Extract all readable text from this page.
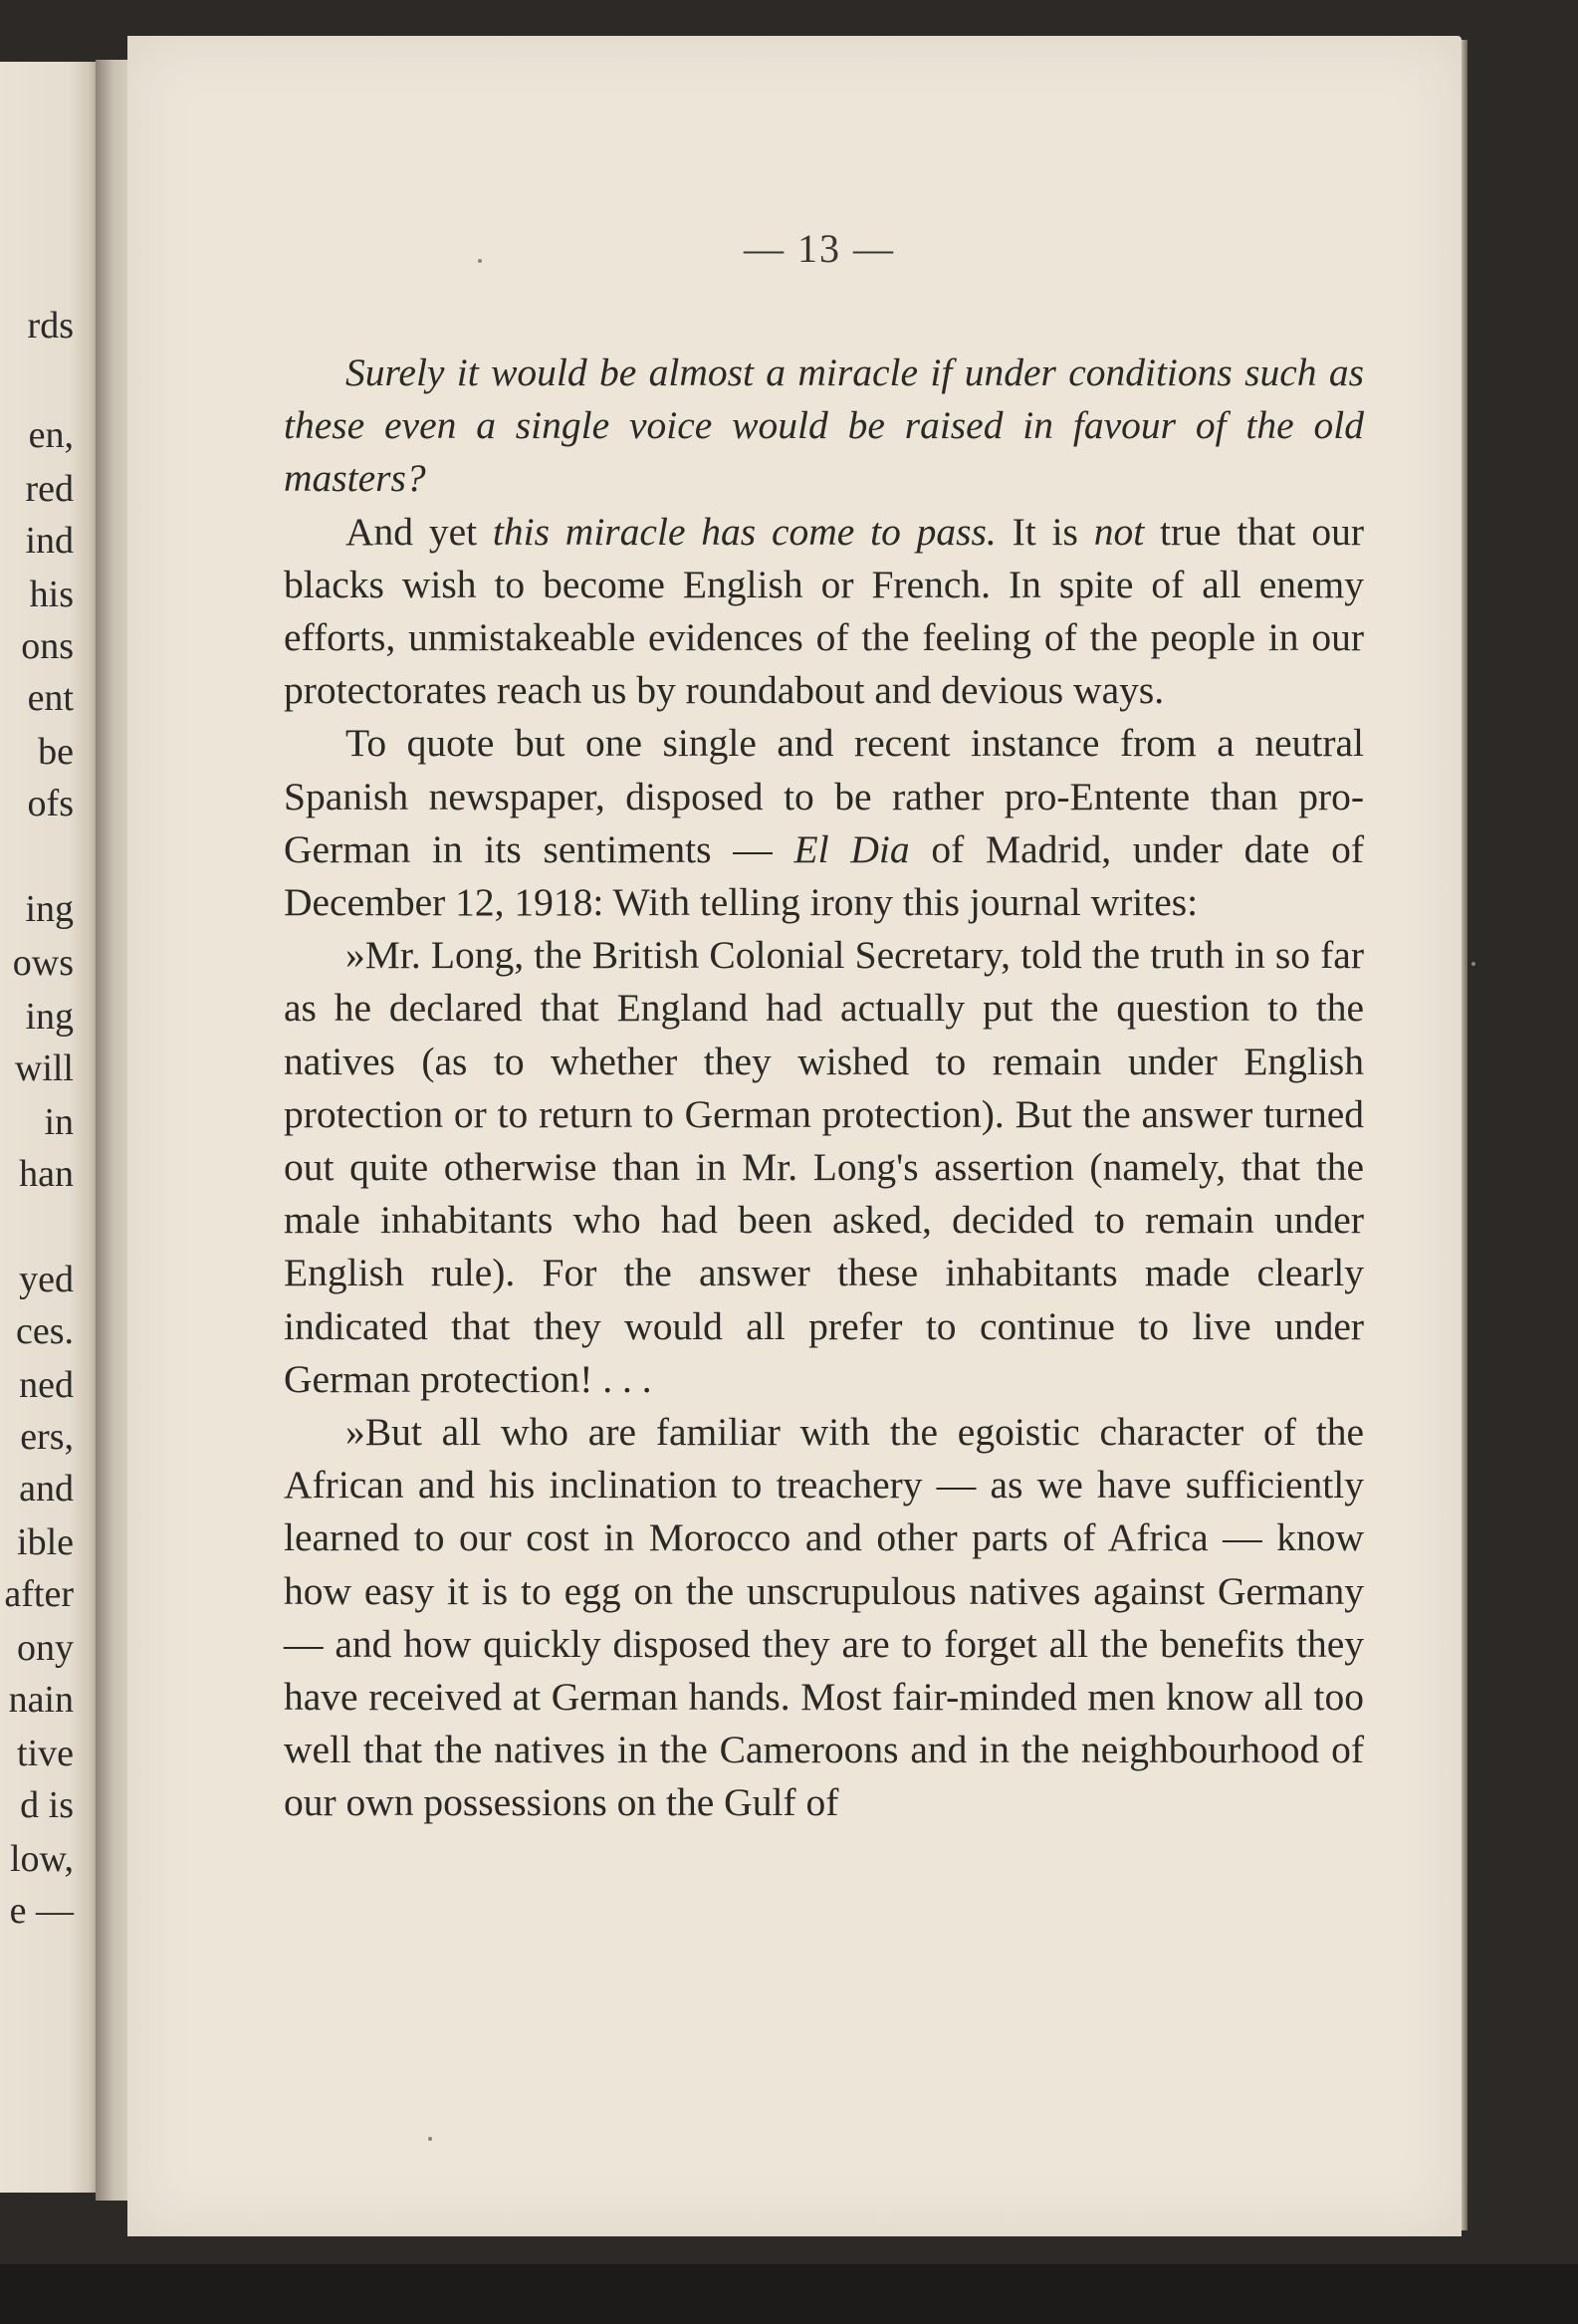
rds
en,
red
ind
his
ons
ent
be
ofs
ing
ows
ing
will
in
han
yed
ces.
ned
ers,
and
ible
after
ony
nain
tive
d is
low,
e —
— 13 —

Surely it would be almost a miracle if under conditions such as these even a single voice would be raised in favour of the old masters?

And yet this miracle has come to pass. It is not true that our blacks wish to become English or French. In spite of all enemy efforts, unmistakeable evidences of the feeling of the people in our protectorates reach us by roundabout and devious ways.

To quote but one single and recent instance from a neutral Spanish newspaper, disposed to be rather pro-Entente than pro-German in its sentiments — El Dia of Madrid, under date of December 12, 1918: With telling irony this journal writes:

»Mr. Long, the British Colonial Secretary, told the truth in so far as he declared that England had actually put the question to the natives (as to whether they wished to remain under English protection or to return to German protection). But the answer turned out quite otherwise than in Mr. Long's assertion (namely, that the male inhabitants who had been asked, decided to remain under English rule). For the answer these inhabitants made clearly indicated that they would all prefer to continue to live under German protection! . . .

»But all who are familiar with the egoistic character of the African and his inclination to treachery — as we have sufficiently learned to our cost in Morocco and other parts of Africa — know how easy it is to egg on the unscrupulous natives against Germany — and how quickly disposed they are to forget all the benefits they have received at German hands. Most fair-minded men know all too well that the natives in the Cameroons and in the neighbourhood of our own possessions on the Gulf of
